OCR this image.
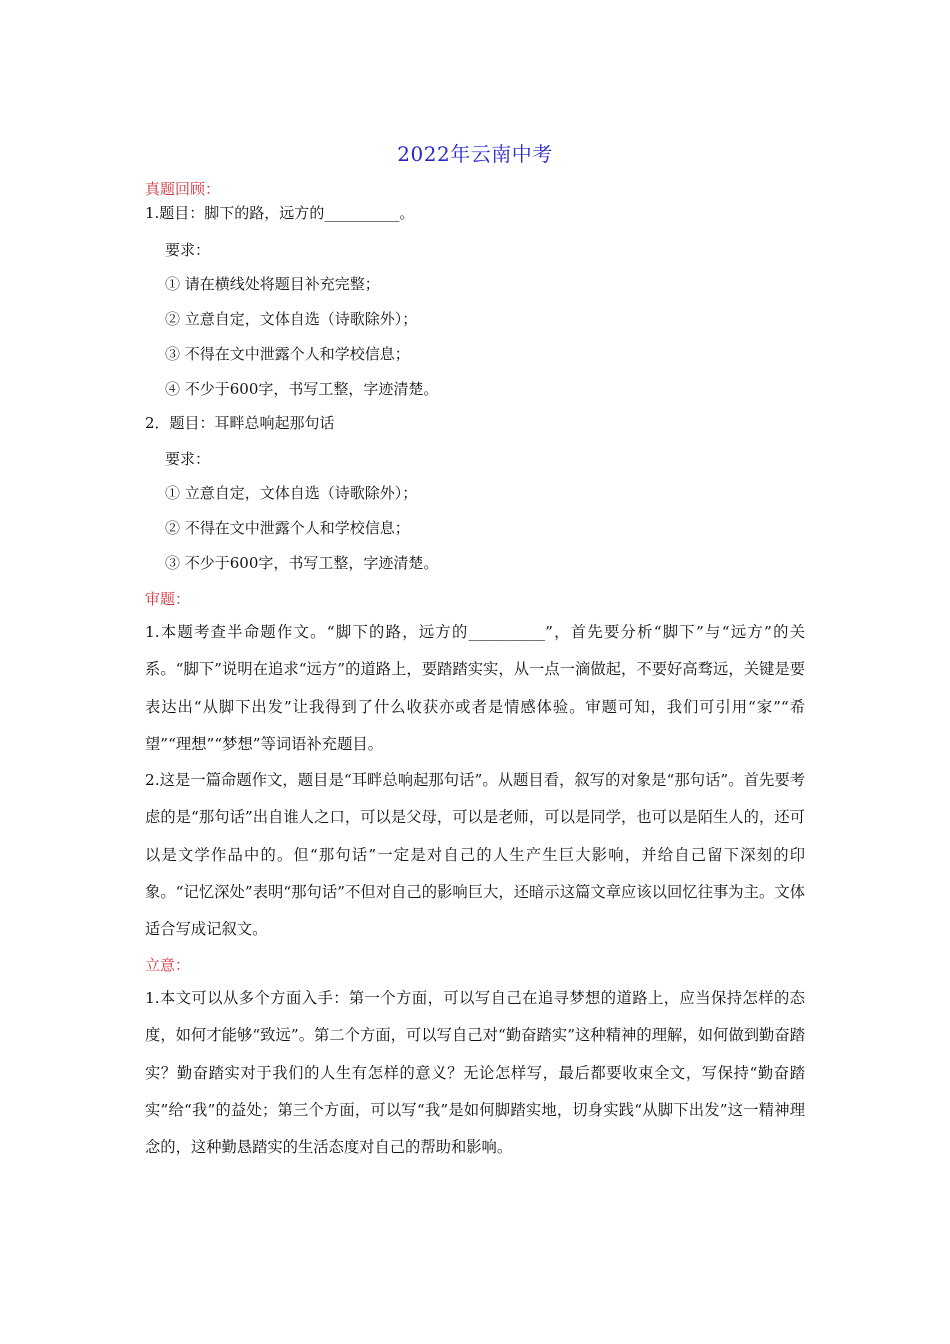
2022年云南中考
真题回顾：
1.题目：脚下的路，远方的__________。
要求：
① 请在横线处将题目补充完整；
② 立意自定，文体自选（诗歌除外）；
③ 不得在文中泄露个人和学校信息；
④ 不少于600字，书写工整，字迹清楚。
2．题目：耳畔总响起那句话
要求：
① 立意自定，文体自选（诗歌除外）；
② 不得在文中泄露个人和学校信息；
③ 不少于600字，书写工整，字迹清楚。
审题：
1.本题考查半命题作文。“脚下的路，远方的__________”，首先要分析“脚下”与“远方”的关系。“脚下”说明在追求“远方”的道路上，要踏踏实实，从一点一滴做起，不要好高骛远，关键是要表达出“从脚下出发”让我得到了什么收获亦或者是情感体验。审题可知，我们可引用“家”“希望”“理想”“梦想”等词语补充题目。
2.这是一篇命题作文，题目是“耳畔总响起那句话”。从题目看，叙写的对象是“那句话”。首先要考虑的是“那句话”出自谁人之口，可以是父母，可以是老师，可以是同学，也可以是陌生人的，还可以是文学作品中的。但“那句话”一定是对自己的人生产生巨大影响，并给自己留下深刻的印象。“记忆深处”表明“那句话”不但对自己的影响巨大，还暗示这篇文章应该以回忆往事为主。文体适合写成记叙文。
立意：
1.本文可以从多个方面入手：第一个方面，可以写自己在追寻梦想的道路上，应当保持怎样的态度，如何才能够“致远”。第二个方面，可以写自己对“勤奋踏实”这种精神的理解，如何做到勤奋踏实？勤奋踏实对于我们的人生有怎样的意义？无论怎样写，最后都要收束全文，写保持“勤奋踏实”给“我”的益处；第三个方面，可以写“我”是如何脚踏实地，切身实践“从脚下出发”这一精神理念的，这种勤恳踏实的生活态度对自己的帮助和影响。
